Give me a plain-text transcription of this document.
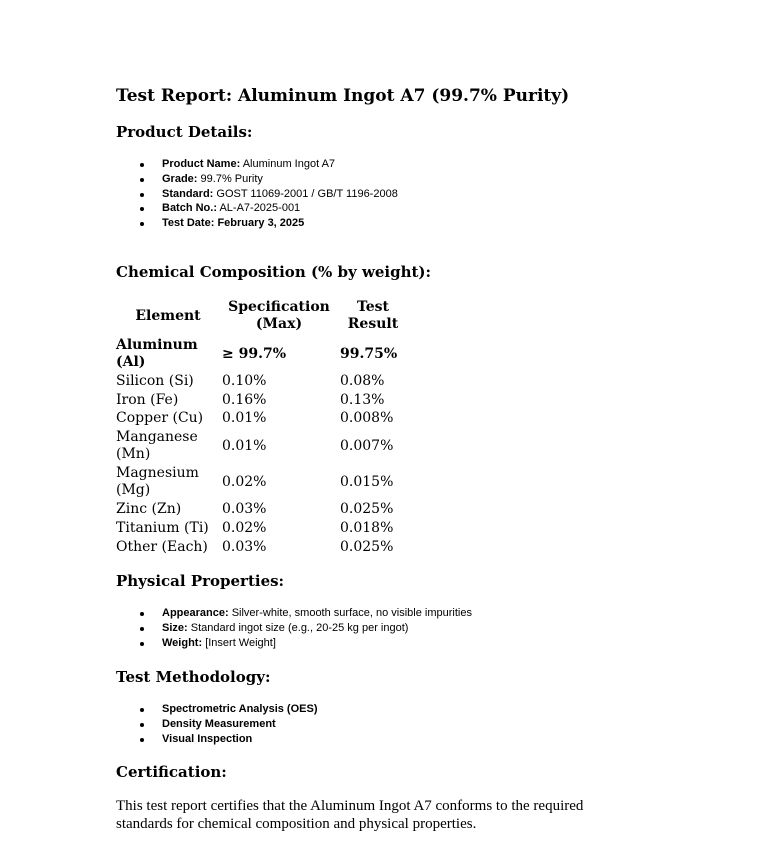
Test Report: Aluminum Ingot A7 (99.7% Purity)
Product Details:
Product Name: Aluminum Ingot A7
Grade: 99.7% Purity
Standard: GOST 11069-2001 / GB/T 1196-2008
Batch No.: AL-A7-2025-001
Test Date: February 3, 2025
Chemical Composition (% by weight):
Element	Specification (Max)	Test Result
Aluminum (Al)	≥ 99.7%	99.75%
Silicon (Si)	0.10%	0.08%
Iron (Fe)	0.16%	0.13%
Copper (Cu)	0.01%	0.008%
Manganese (Mn)	0.01%	0.007%
Magnesium (Mg)	0.02%	0.015%
Zinc (Zn)	0.03%	0.025%
Titanium (Ti)	0.02%	0.018%
Other (Each)	0.03%	0.025%
Physical Properties:
Appearance: Silver-white, smooth surface, no visible impurities
Size: Standard ingot size (e.g., 20-25 kg per ingot)
Weight: [Insert Weight]
Test Methodology:
Spectrometric Analysis (OES)
Density Measurement
Visual Inspection
Certification:

This test report certifies that the Aluminum Ingot A7 conforms to the required standards for chemical composition and physical properties.
